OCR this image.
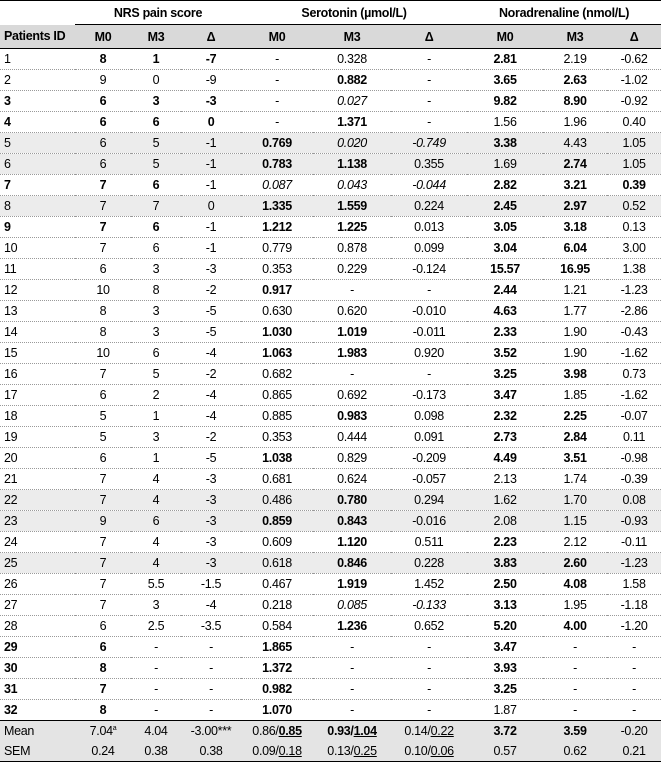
	NRS pain score			Serotonin (µmol/L)			Noradrenaline (nmol/L)		
Patients ID	M0	M3	Δ	M0	M3	Δ	M0	M3	Δ
1	8	1	-7	-	0.328	-	2.81	2.19	-0.62
2	9	0	-9	-	0.882	-	3.65	2.63	-1.02
3	6	3	-3	-	0.027	-	9.82	8.90	-0.92
4	6	6	0	-	1.371	-	1.56	1.96	0.40
5	6	5	-1	0.769	0.020	-0.749	3.38	4.43	1.05
6	6	5	-1	0.783	1.138	0.355	1.69	2.74	1.05
7	7	6	-1	0.087	0.043	-0.044	2.82	3.21	0.39
8	7	7	0	1.335	1.559	0.224	2.45	2.97	0.52
9	7	6	-1	1.212	1.225	0.013	3.05	3.18	0.13
10	7	6	-1	0.779	0.878	0.099	3.04	6.04	3.00
11	6	3	-3	0.353	0.229	-0.124	15.57	16.95	1.38
12	10	8	-2	0.917	-	-	2.44	1.21	-1.23
13	8	3	-5	0.630	0.620	-0.010	4.63	1.77	-2.86
14	8	3	-5	1.030	1.019	-0.011	2.33	1.90	-0.43
15	10	6	-4	1.063	1.983	0.920	3.52	1.90	-1.62
16	7	5	-2	0.682	-	-	3.25	3.98	0.73
17	6	2	-4	0.865	0.692	-0.173	3.47	1.85	-1.62
18	5	1	-4	0.885	0.983	0.098	2.32	2.25	-0.07
19	5	3	-2	0.353	0.444	0.091	2.73	2.84	0.11
20	6	1	-5	1.038	0.829	-0.209	4.49	3.51	-0.98
21	7	4	-3	0.681	0.624	-0.057	2.13	1.74	-0.39
22	7	4	-3	0.486	0.780	0.294	1.62	1.70	0.08
23	9	6	-3	0.859	0.843	-0.016	2.08	1.15	-0.93
24	7	4	-3	0.609	1.120	0.511	2.23	2.12	-0.11
25	7	4	-3	0.618	0.846	0.228	3.83	2.60	-1.23
26	7	5.5	-1.5	0.467	1.919	1.452	2.50	4.08	1.58
27	7	3	-4	0.218	0.085	-0.133	3.13	1.95	-1.18
28	6	2.5	-3.5	0.584	1.236	0.652	5.20	4.00	-1.20
29	6	-	-	1.865	-	-	3.47	-	-
30	8	-	-	1.372	-	-	3.93	-	-
31	7	-	-	0.982	-	-	3.25	-	-
32	8	-	-	1.070	-	-	1.87	-	-
Mean	7.04$^a$	4.04	-3.00***	0.86/0.85	0.93/1.04	0.14/0.22	3.72	3.59	-0.20
SEM	0.24	0.38	0.38	0.09/0.18	0.13/0.25	0.10/0.06	0.57	0.62	0.21
